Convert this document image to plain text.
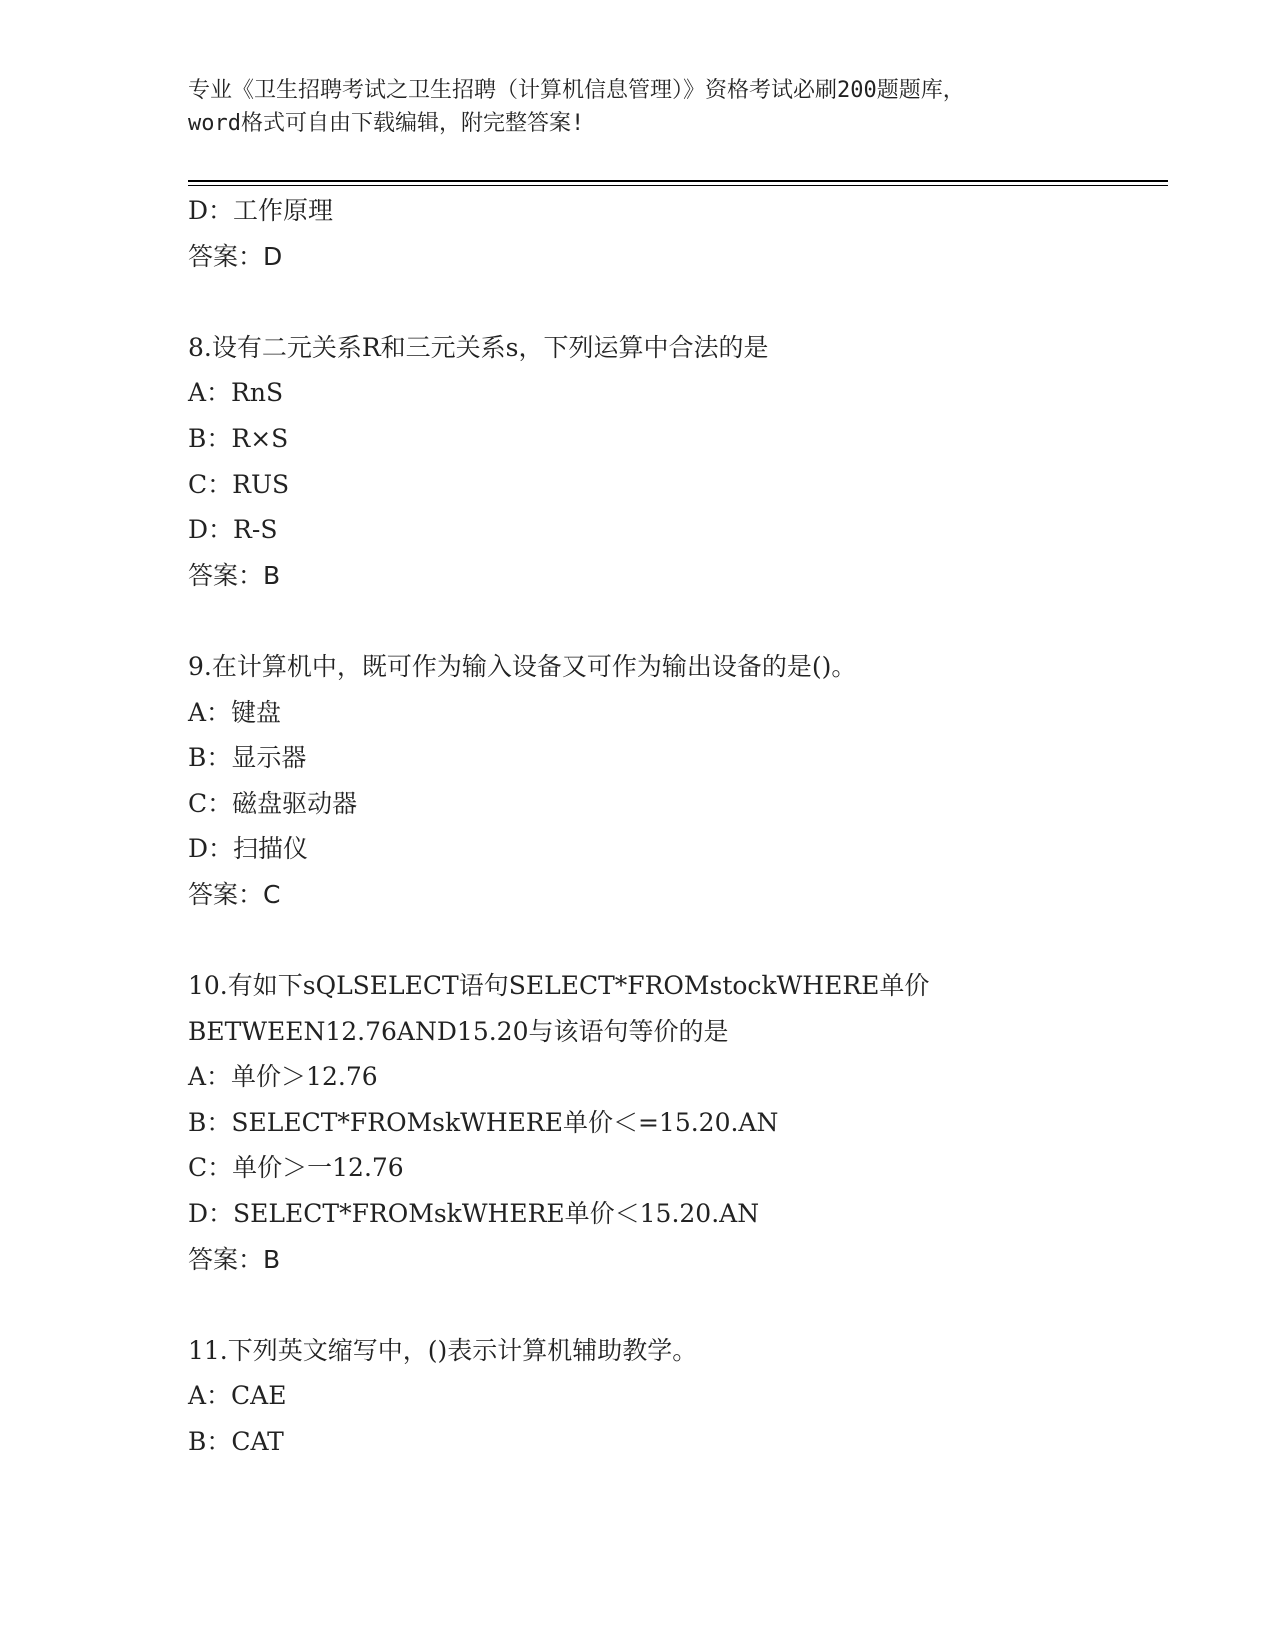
专业《卫生招聘考试之卫生招聘（计算机信息管理）》资格考试必刷200题题库，
word格式可自由下载编辑，附完整答案!
D：工作原理
答案：D
8.设有二元关系R和三元关系s，下列运算中合法的是
A：RnS
B：R×S
C：RUS
D：R-S
答案：B
9.在计算机中，既可作为输入设备又可作为输出设备的是()。
A：键盘
B：显示器
C：磁盘驱动器
D：扫描仪
答案：C
10.有如下sQLSELECT语句SELECT*FROMstockWHERE单价
BETWEEN12.76AND15.20与该语句等价的是
A：单价＞12.76
B：SELECT*FROMskWHERE单价＜=15.20.AN
C：单价＞一12.76
D：SELECT*FROMskWHERE单价＜15.20.AN
答案：B
11.下列英文缩写中，()表示计算机辅助教学。
A：CAE
B：CAT
